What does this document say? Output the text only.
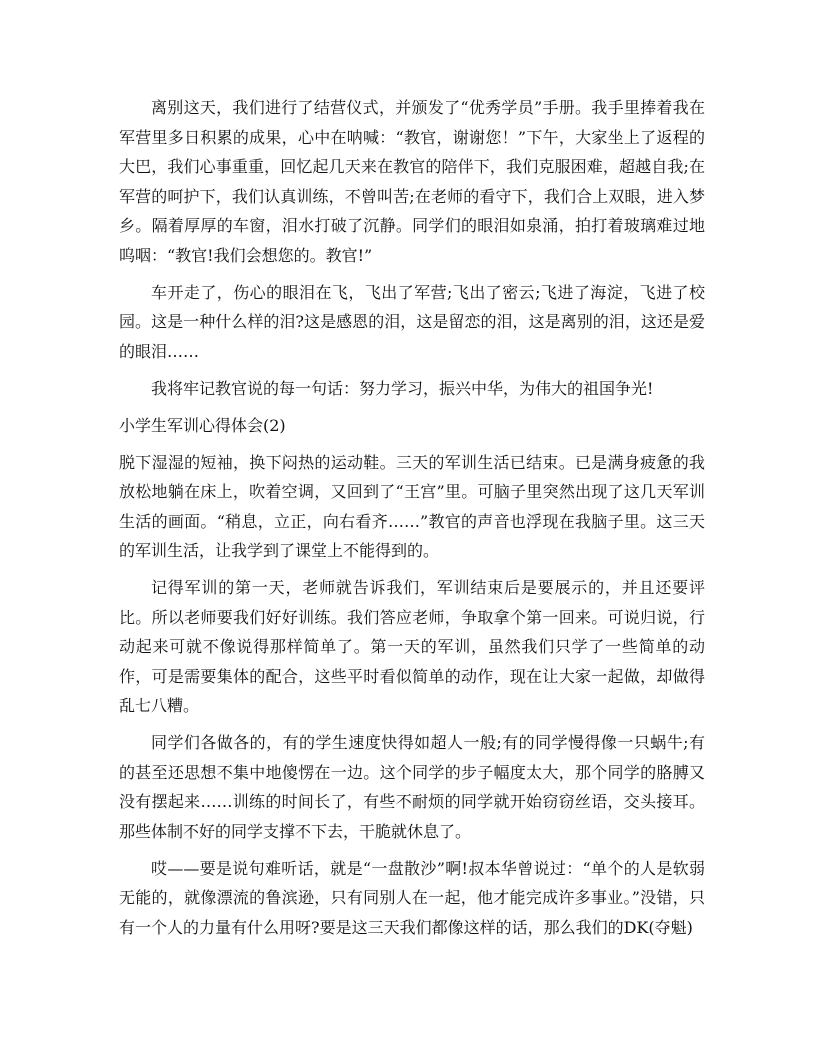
离别这天，我们进行了结营仪式，并颁发了“优秀学员”手册。我手里捧着我在军营里多日积累的成果，心中在呐喊：“教官，谢谢您！”下午，大家坐上了返程的大巴，我们心事重重，回忆起几天来在教官的陪伴下，我们克服困难，超越自我;在军营的呵护下，我们认真训练，不曾叫苦;在老师的看守下，我们合上双眼，进入梦乡。隔着厚厚的车窗，泪水打破了沉静。同学们的眼泪如泉涌，拍打着玻璃难过地呜咽：“教官!我们会想您的。教官!”

车开走了，伤心的眼泪在飞，飞出了军营;飞出了密云;飞进了海淀，飞进了校园。这是一种什么样的泪?这是感恩的泪，这是留恋的泪，这是离别的泪，这还是爱的眼泪……

我将牢记教官说的每一句话：努力学习，振兴中华，为伟大的祖国争光!

小学生军训心得体会(2)

脱下湿湿的短袖，换下闷热的运动鞋。三天的军训生活已结束。已是满身疲惫的我放松地躺在床上，吹着空调，又回到了“王宫”里。可脑子里突然出现了这几天军训生活的画面。“稍息，立正，向右看齐……”教官的声音也浮现在我脑子里。这三天的军训生活，让我学到了课堂上不能得到的。

记得军训的第一天，老师就告诉我们，军训结束后是要展示的，并且还要评比。所以老师要我们好好训练。我们答应老师，争取拿个第一回来。可说归说，行动起来可就不像说得那样简单了。第一天的军训，虽然我们只学了一些简单的动作，可是需要集体的配合，这些平时看似简单的动作，现在让大家一起做，却做得乱七八糟。

同学们各做各的，有的学生速度快得如超人一般;有的同学慢得像一只蜗牛;有的甚至还思想不集中地傻愣在一边。这个同学的步子幅度太大，那个同学的胳膊又没有摆起来……训练的时间长了，有些不耐烦的同学就开始窃窃丝语，交头接耳。那些体制不好的同学支撑不下去，干脆就休息了。

哎——要是说句难听话，就是“一盘散沙”啊!叔本华曾说过：“单个的人是软弱无能的，就像漂流的鲁滨逊，只有同别人在一起，他才能完成许多事业。”没错，只有一个人的力量有什么用呀?要是这三天我们都像这样的话，那么我们的DK(夺魁)
